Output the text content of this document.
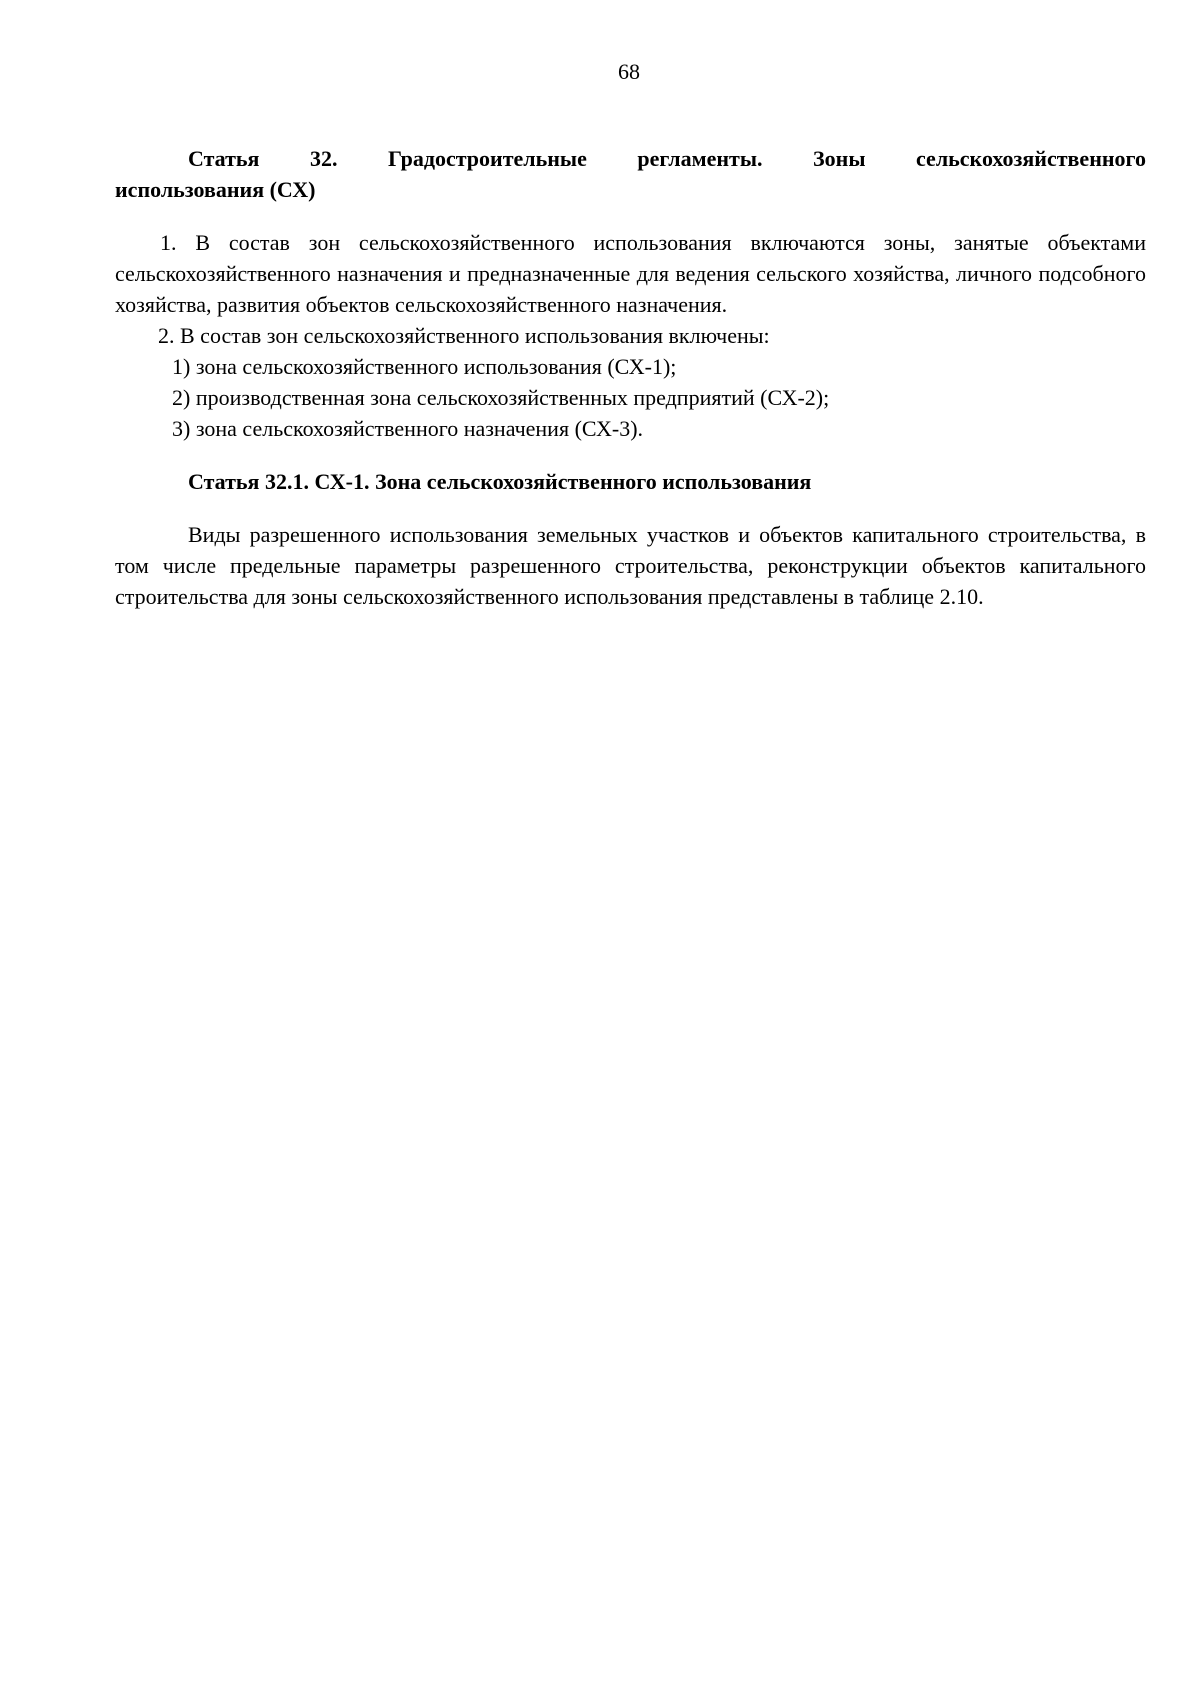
68

Статья 32. Градостроительные регламенты. Зоны сельскохозяйственного
использования (СХ)

1. В состав зон сельскохозяйственного использования включаются зоны, занятые объектами сельскохозяйственного назначения и предназначенные для ведения сельского хозяйства, личного подсобного хозяйства, развития объектов сельскохозяйственного назначения.

2. В состав зон сельскохозяйственного использования включены:

1) зона сельскохозяйственного использования (СХ-1);

2) производственная зона сельскохозяйственных предприятий (СХ-2);

3) зона сельскохозяйственного назначения (СХ-3).

Статья 32.1. СХ-1. Зона сельскохозяйственного использования

Виды разрешенного использования земельных участков и объектов капитального строительства, в том числе предельные параметры разрешенного строительства, реконструкции объектов капитального строительства для зоны сельскохозяйственного использования представлены в таблице 2.10.
